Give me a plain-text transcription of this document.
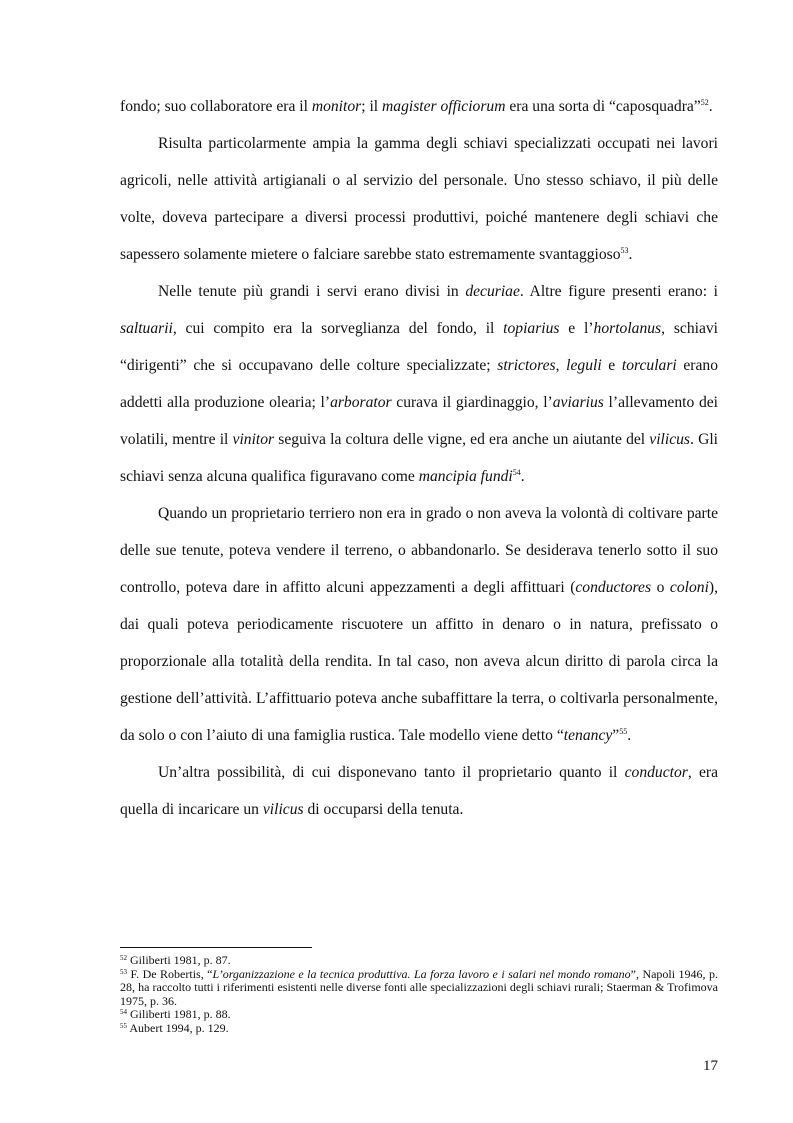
fondo; suo collaboratore era il monitor; il magister officiorum era una sorta di “caposquadra”$^{52}$.

Risulta particolarmente ampia la gamma degli schiavi specializzati occupati nei lavori agricoli, nelle attività artigianali o al servizio del personale. Uno stesso schiavo, il più delle volte, doveva partecipare a diversi processi produttivi, poiché mantenere degli schiavi che sapessero solamente mietere o falciare sarebbe stato estremamente svantaggioso$^{53}$.

Nelle tenute più grandi i servi erano divisi in decuriae. Altre figure presenti erano: i saltuarii, cui compito era la sorveglianza del fondo, il topiarius e l’hortolanus, schiavi “dirigenti” che si occupavano delle colture specializzate; strictores, leguli e torculari erano addetti alla produzione olearia; l’arborator curava il giardinaggio, l’aviarius l’allevamento dei volatili, mentre il vinitor seguiva la coltura delle vigne, ed era anche un aiutante del vilicus. Gli schiavi senza alcuna qualifica figuravano come mancipia fundi$^{54}$.

Quando un proprietario terriero non era in grado o non aveva la volontà di coltivare parte delle sue tenute, poteva vendere il terreno, o abbandonarlo. Se desiderava tenerlo sotto il suo controllo, poteva dare in affitto alcuni appezzamenti a degli affittuari (conductores o coloni), dai quali poteva periodicamente riscuotere un affitto in denaro o in natura, prefissato o proporzionale alla totalità della rendita. In tal caso, non aveva alcun diritto di parola circa la gestione dell’attività. L’affittuario poteva anche subaffittare la terra, o coltivarla personalmente, da solo o con l’aiuto di una famiglia rustica. Tale modello viene detto “tenancy”$^{55}$.

Un’altra possibilità, di cui disponevano tanto il proprietario quanto il conductor, era quella di incaricare un vilicus di occuparsi della tenuta.

$^{52}$ Giliberti 1981, p. 87.

$^{53}$ F. De Robertis, “L’organizzazione e la tecnica produttiva. La forza lavoro e i salari nel mondo romano”, Napoli 1946, p. 28, ha raccolto tutti i riferimenti esistenti nelle diverse fonti alle specializzazioni degli schiavi rurali; Staerman & Trofimova 1975, p. 36.

$^{54}$ Giliberti 1981, p. 88.

$^{55}$ Aubert 1994, p. 129.

17
